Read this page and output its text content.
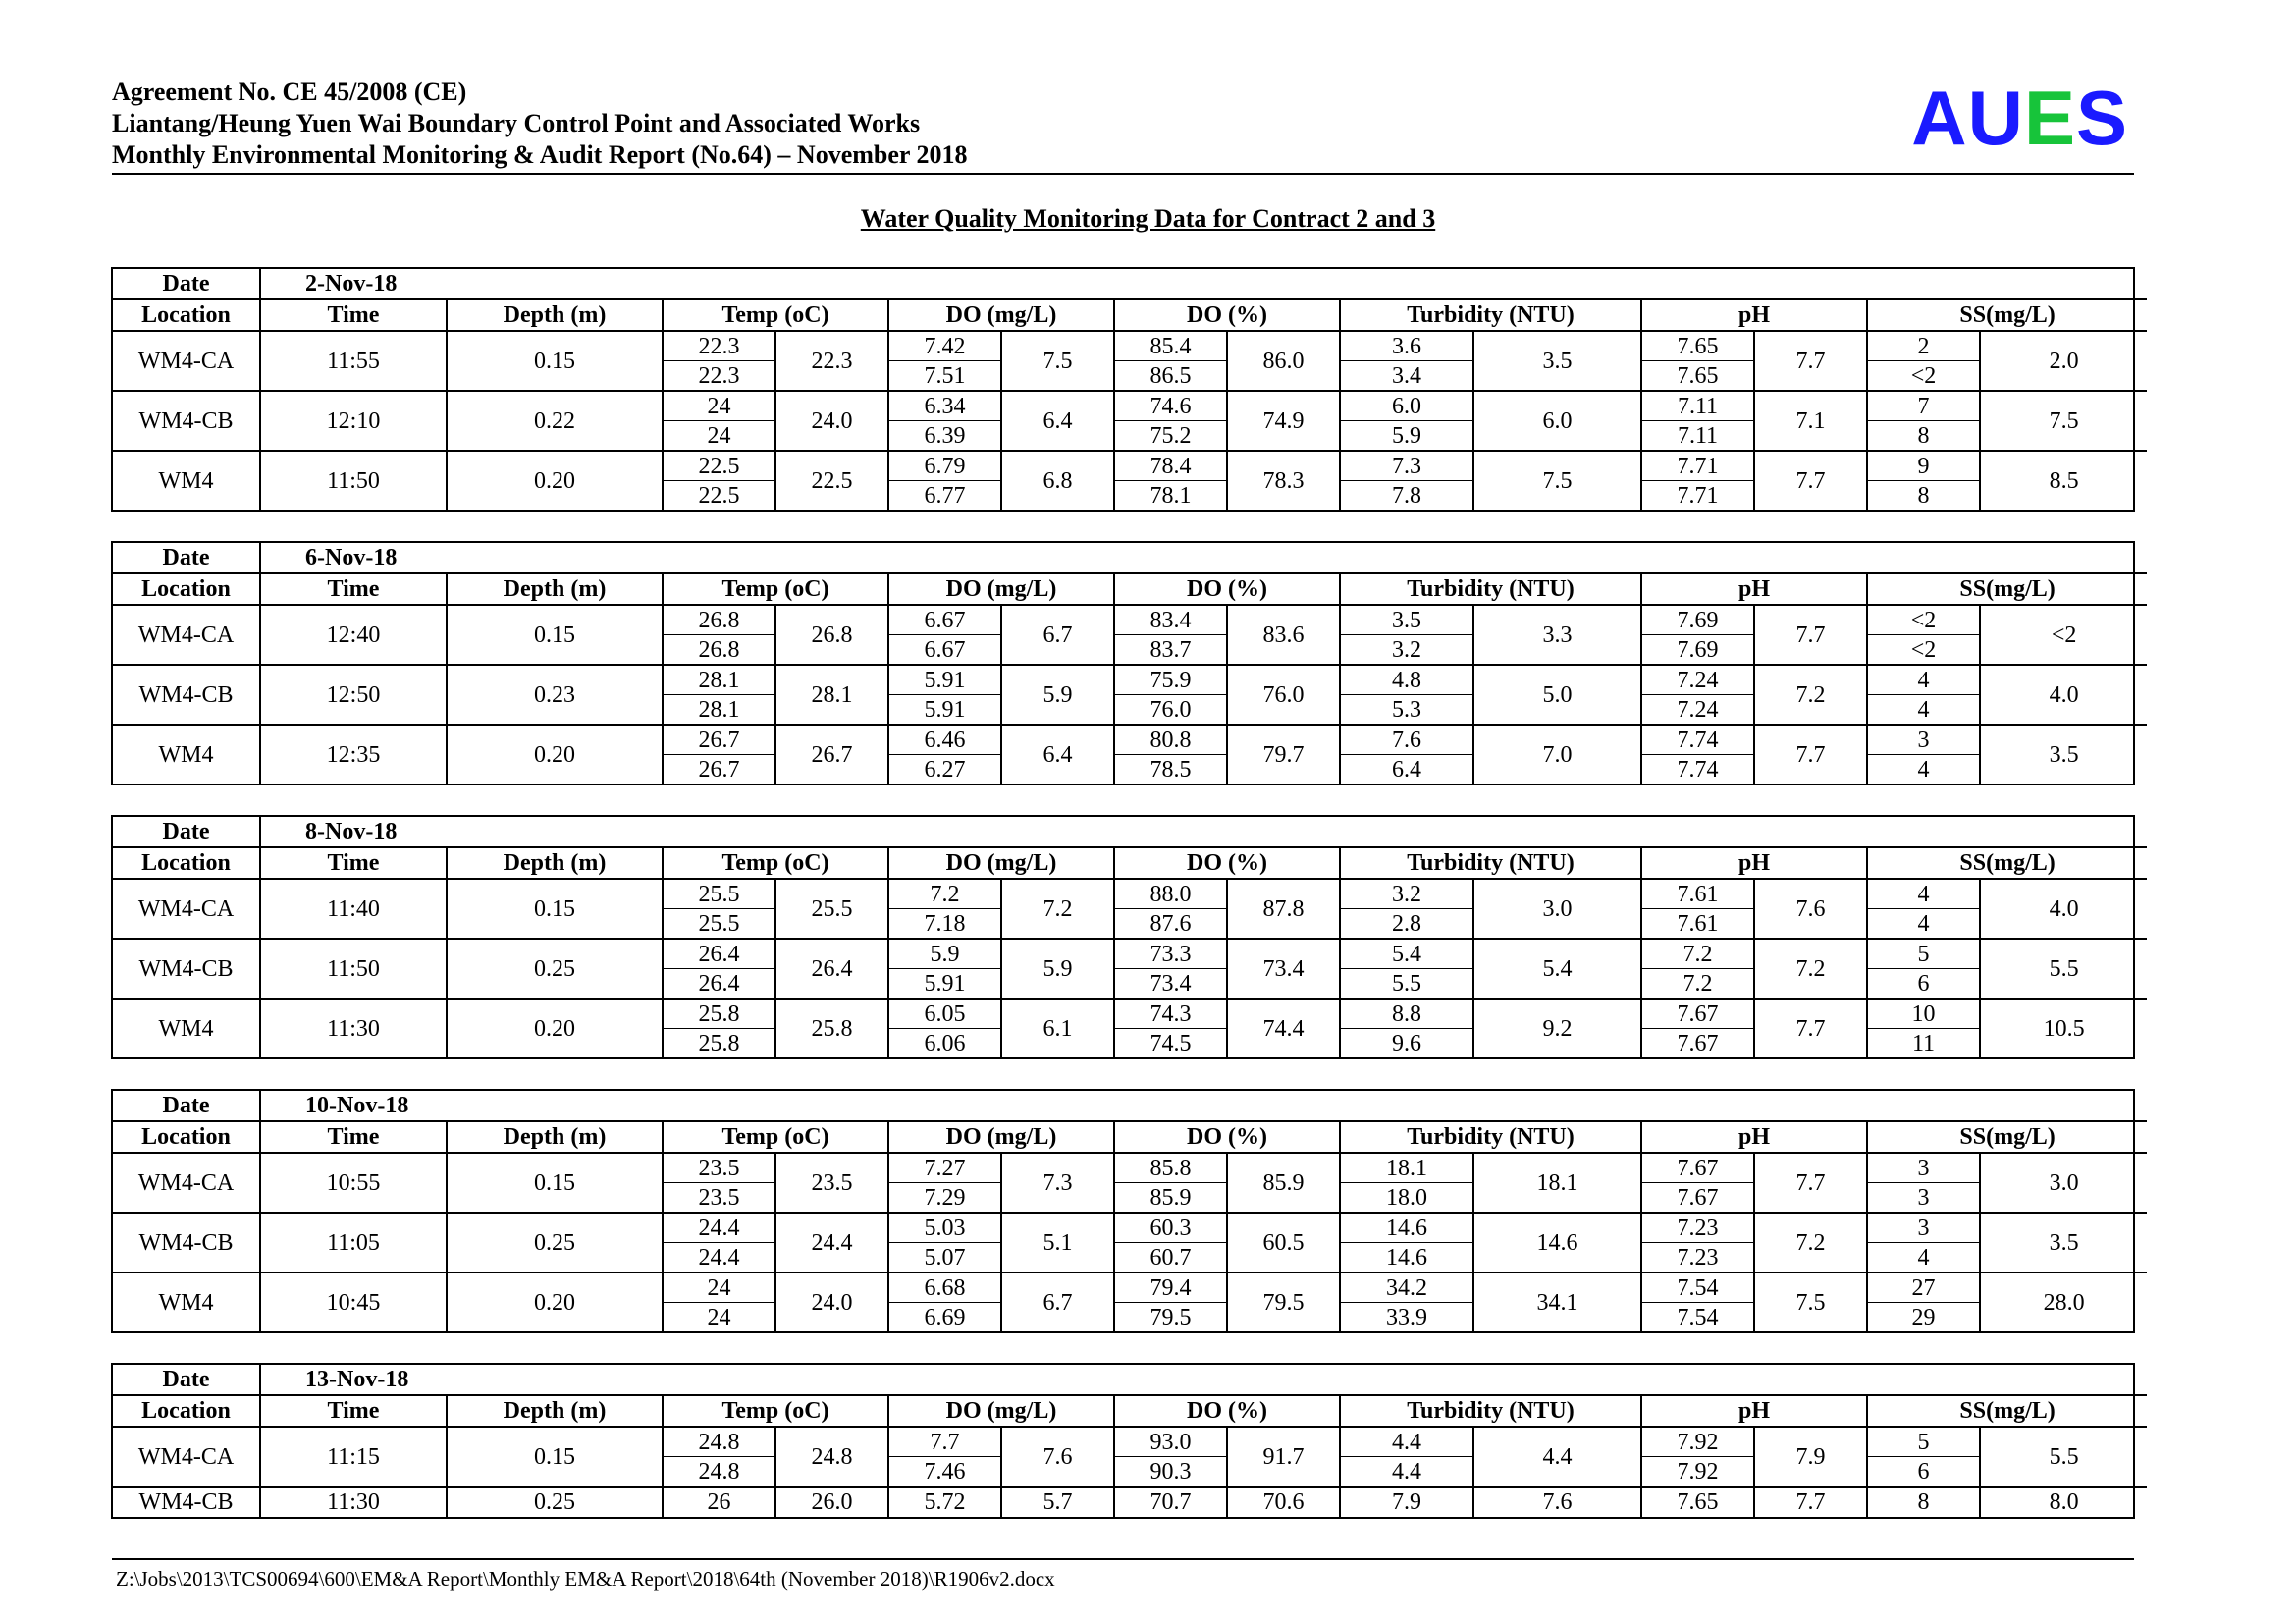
Agreement No. CE 45/2008 (CE)
Liantang/Heung Yuen Wai Boundary Control Point and Associated Works
Monthly Environmental Monitoring & Audit Report (No.64) – November 2018	AUES
Water Quality Monitoring Data for Contract 2 and 3
Date	2-Nov-18													
Location	Time	Depth (m)	Temp (oC)		DO (mg/L)		DO (%)		Turbidity (NTU)		pH		SS(mg/L)	
WM4-CA	11:55	0.15	22.3	22.3	7.42	7.5	85.4	86.0	3.6	3.5	7.65	7.7	2	2.0
			22.3		7.51		86.5		3.4		7.65		<2	
WM4-CB	12:10	0.22	24	24.0	6.34	6.4	74.6	74.9	6.0	6.0	7.11	7.1	7	7.5
			24		6.39		75.2		5.9		7.11		8	
WM4	11:50	0.20	22.5	22.5	6.79	6.8	78.4	78.3	7.3	7.5	7.71	7.7	9	8.5
			22.5		6.77		78.1		7.8		7.71		8	
Date	6-Nov-18													
Location	Time	Depth (m)	Temp (oC)		DO (mg/L)		DO (%)		Turbidity (NTU)		pH		SS(mg/L)	
WM4-CA	12:40	0.15	26.8	26.8	6.67	6.7	83.4	83.6	3.5	3.3	7.69	7.7	<2	<2
			26.8		6.67		83.7		3.2		7.69		<2	
WM4-CB	12:50	0.23	28.1	28.1	5.91	5.9	75.9	76.0	4.8	5.0	7.24	7.2	4	4.0
			28.1		5.91		76.0		5.3		7.24		4	
WM4	12:35	0.20	26.7	26.7	6.46	6.4	80.8	79.7	7.6	7.0	7.74	7.7	3	3.5
			26.7		6.27		78.5		6.4		7.74		4	
Date	8-Nov-18													
Location	Time	Depth (m)	Temp (oC)		DO (mg/L)		DO (%)		Turbidity (NTU)		pH		SS(mg/L)	
WM4-CA	11:40	0.15	25.5	25.5	7.2	7.2	88.0	87.8	3.2	3.0	7.61	7.6	4	4.0
			25.5		7.18		87.6		2.8		7.61		4	
WM4-CB	11:50	0.25	26.4	26.4	5.9	5.9	73.3	73.4	5.4	5.4	7.2	7.2	5	5.5
			26.4		5.91		73.4		5.5		7.2		6	
WM4	11:30	0.20	25.8	25.8	6.05	6.1	74.3	74.4	8.8	9.2	7.67	7.7	10	10.5
			25.8		6.06		74.5		9.6		7.67		11	
Date	10-Nov-18													
Location	Time	Depth (m)	Temp (oC)		DO (mg/L)		DO (%)		Turbidity (NTU)		pH		SS(mg/L)	
WM4-CA	10:55	0.15	23.5	23.5	7.27	7.3	85.8	85.9	18.1	18.1	7.67	7.7	3	3.0
			23.5		7.29		85.9		18.0		7.67		3	
WM4-CB	11:05	0.25	24.4	24.4	5.03	5.1	60.3	60.5	14.6	14.6	7.23	7.2	3	3.5
			24.4		5.07		60.7		14.6		7.23		4	
WM4	10:45	0.20	24	24.0	6.68	6.7	79.4	79.5	34.2	34.1	7.54	7.5	27	28.0
			24		6.69		79.5		33.9		7.54		29	
Date	13-Nov-18													
Location	Time	Depth (m)	Temp (oC)		DO (mg/L)		DO (%)		Turbidity (NTU)		pH		SS(mg/L)	
WM4-CA	11:15	0.15	24.8	24.8	7.7	7.6	93.0	91.7	4.4	4.4	7.92	7.9	5	5.5
			24.8		7.46		90.3		4.4		7.92		6	
WM4-CB	11:30	0.25	26	26.0	5.72	5.7	70.7	70.6	7.9	7.6	7.65	7.7	8	8.0
Z:\Jobs\2013\TCS00694\600\EM&A Report\Monthly EM&A Report\2018\64th (November 2018)\R1906v2.docx
